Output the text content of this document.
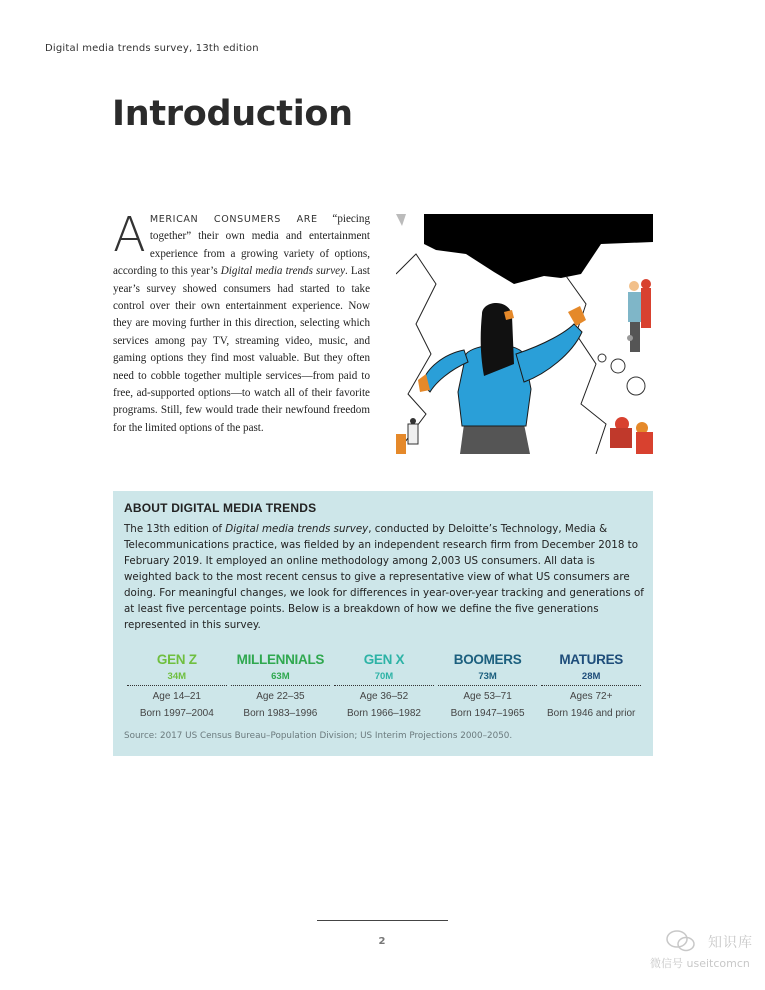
Digital media trends survey, 13th edition
Introduction
AMERICAN CONSUMERS ARE “piecing together” their own media and entertainment experience from a growing variety of options, according to this year’s Digital media trends survey. Last year’s survey showed consumers had started to take control over their own entertainment experience. Now they are moving further in this direction, selecting which services among pay TV, streaming video, music, and gaming options they find most valuable. But they often need to cobble together multiple services—from paid to free, ad-supported options—to watch all of their favorite programs. Still, few would trade their newfound freedom for the limited options of the past.
ABOUT DIGITAL MEDIA TRENDS

The 13th edition of Digital media trends survey, conducted by Deloitte’s Technology, Media & Telecommunications practice, was fielded by an independent research firm from December 2018 to February 2019. It employed an online methodology among 2,003 US consumers. All data is weighted back to the most recent census to give a representative view of what US consumers are doing. For meaningful changes, we look for differences in year-over-year tracking and generations of at least five percentage points. Below is a breakdown of how we define the five generations represented in this survey.

GEN Z
34M
Age 14–21
Born 1997–2004
MILLENNIALS
63M
Age 22–35
Born 1983–1996
GEN X
70M
Age 36–52
Born 1966–1982
BOOMERS
73M
Age 53–71
Born 1947–1965
MATURES
28M
Ages 72+
Born 1946 and prior
Source: 2017 US Census Bureau–Population Division; US Interim Projections 2000–2050.
2	知识库
微信号 useitcomcn
